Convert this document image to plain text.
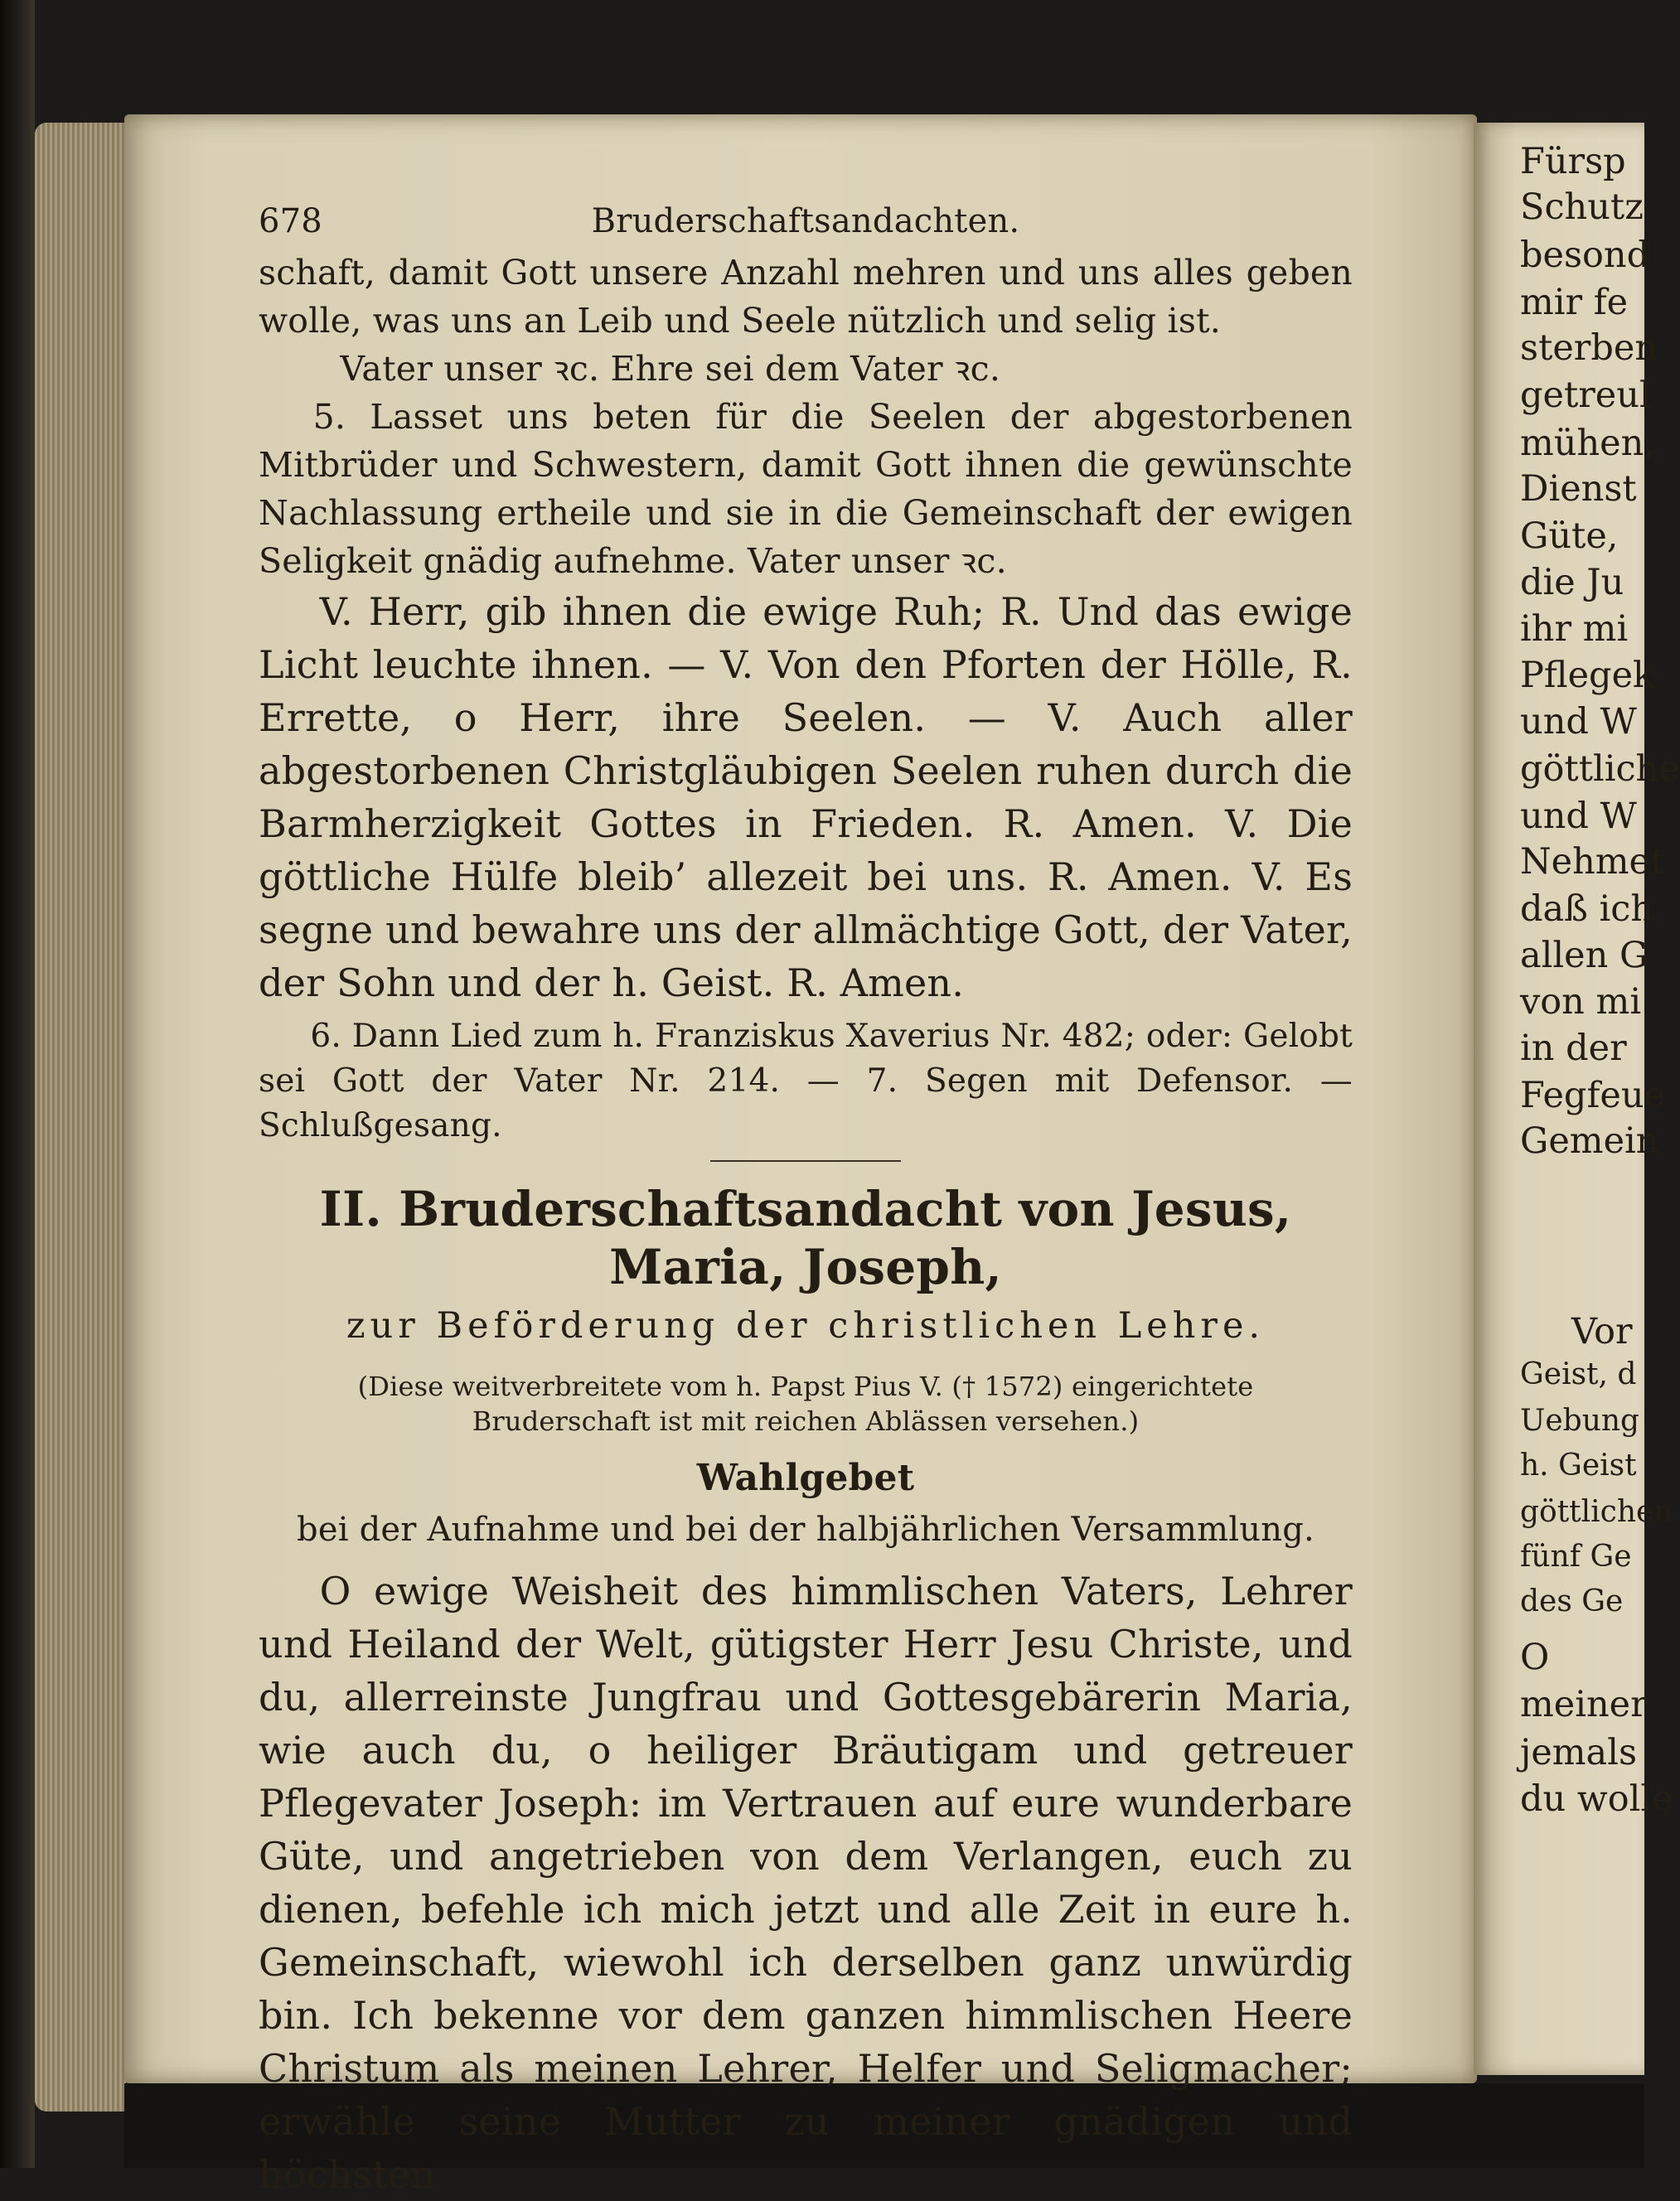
Fürsp
Schutz
besond
mir fe
sterben
getreul
mühen,
Dienst
Güte,
die Ju
ihr mi
Pflegek
und W
göttliche
und W
Nehmet
daß ich
allen G
von mi
in der
Fegfeue
Gemein
Vor
Geist, d
Uebung
h. Geist
göttlichen
fünf Ge
des Ge
O
meiner
jemals
du wolle
678	Bruderschaftsandachten.

schaft, damit Gott unsere Anzahl mehren und uns alles geben wolle, was uns an Leib und Seele nützlich und selig ist.

Vater unser ꝛc. Ehre sei dem Vater ꝛc.

5. Lasset uns beten für die Seelen der abgestorbenen Mitbrüder und Schwestern, damit Gott ihnen die gewünschte Nachlassung ertheile und sie in die Gemeinschaft der ewigen Seligkeit gnädig aufnehme. Vater unser ꝛc.

V. Herr, gib ihnen die ewige Ruh; R. Und das ewige Licht leuchte ihnen. — V. Von den Pforten der Hölle, R. Errette, o Herr, ihre Seelen. — V. Auch aller abgestorbenen Christgläubigen Seelen ruhen durch die Barmherzigkeit Gottes in Frieden. R. Amen. V. Die göttliche Hülfe bleib’ allezeit bei uns. R. Amen. V. Es segne und bewahre uns der allmächtige Gott, der Vater, der Sohn und der h. Geist. R. Amen.

6. Dann Lied zum h. Franziskus Xaverius Nr. 482; oder: Gelobt sei Gott der Vater Nr. 214. — 7. Segen mit Defensor. — Schlußgesang.

II. Bruderschaftsandacht von Jesus, Maria, Joseph,
zur Beförderung der christlichen Lehre.
(Diese weitverbreitete vom h. Papst Pius V. († 1572) eingerichtete Bruderschaft ist mit reichen Ablässen versehen.)
Wahlgebet
bei der Aufnahme und bei der halbjährlichen Versammlung.

O ewige Weisheit des himmlischen Vaters, Lehrer und Heiland der Welt, gütigster Herr Jesu Christe, und du, allerreinste Jungfrau und Gottesgebärerin Maria, wie auch du, o heiliger Bräutigam und getreuer Pflegevater Joseph: im Vertrauen auf eure wunderbare Güte, und angetrieben von dem Verlangen, euch zu dienen, befehle ich mich jetzt und alle Zeit in eure h. Gemeinschaft, wiewohl ich derselben ganz unwürdig bin. Ich bekenne vor dem ganzen himmlischen Heere Christum als meinen Lehrer, Helfer und Seligmacher; erwähle seine Mutter zu meiner gnädigen und höchsten
